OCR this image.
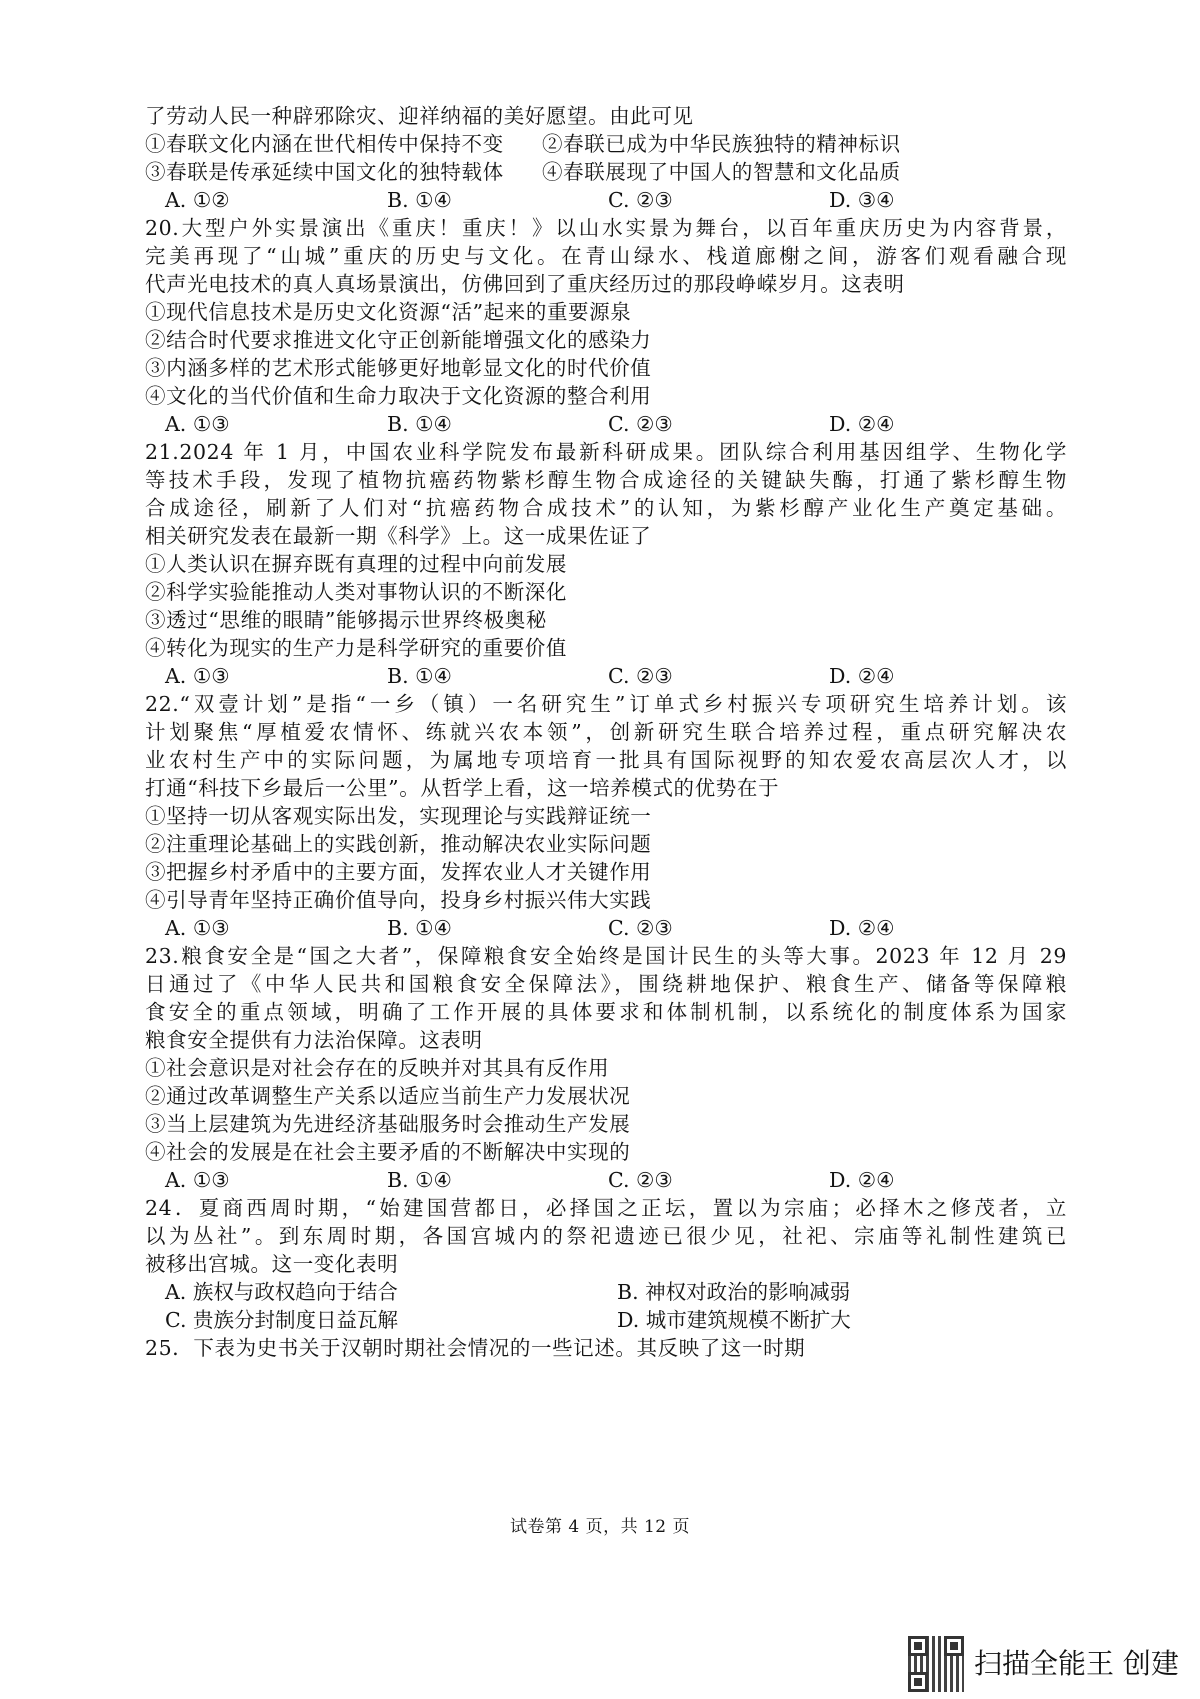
了劳动人民一种辟邪除灾、迎祥纳福的美好愿望。由此可见
①春联文化内涵在世代相传中保持不变 ②春联已成为中华民族独特的精神标识
③春联是传承延续中国文化的独特载体 ④春联展现了中国人的智慧和文化品质
A. ①②	B. ①④	C. ②③	D. ③④
20.大型户外实景演出《重庆！重庆！》以山水实景为舞台，以百年重庆历史为内容背景，
完美再现了“山城”重庆的历史与文化。在青山绿水、栈道廊榭之间，游客们观看融合现
代声光电技术的真人真场景演出，仿佛回到了重庆经历过的那段峥嵘岁月。这表明
①现代信息技术是历史文化资源“活”起来的重要源泉
②结合时代要求推进文化守正创新能增强文化的感染力
③内涵多样的艺术形式能够更好地彰显文化的时代价值
④文化的当代价值和生命力取决于文化资源的整合利用
A. ①③	B. ①④	C. ②③	D. ②④
21.2024 年 1 月，中国农业科学院发布最新科研成果。团队综合利用基因组学、生物化学
等技术手段，发现了植物抗癌药物紫杉醇生物合成途径的关键缺失酶，打通了紫杉醇生物
合成途径，刷新了人们对“抗癌药物合成技术”的认知，为紫杉醇产业化生产奠定基础。
相关研究发表在最新一期《科学》上。这一成果佐证了
①人类认识在摒弃既有真理的过程中向前发展
②科学实验能推动人类对事物认识的不断深化
③透过“思维的眼睛”能够揭示世界终极奥秘
④转化为现实的生产力是科学研究的重要价值
A. ①③	B. ①④	C. ②③	D. ②④
22.“双壹计划”是指“一乡（镇）一名研究生”订单式乡村振兴专项研究生培养计划。该
计划聚焦“厚植爱农情怀、练就兴农本领”，创新研究生联合培养过程，重点研究解决农
业农村生产中的实际问题，为属地专项培育一批具有国际视野的知农爱农高层次人才，以
打通“科技下乡最后一公里”。从哲学上看，这一培养模式的优势在于
①坚持一切从客观实际出发，实现理论与实践辩证统一
②注重理论基础上的实践创新，推动解决农业实际问题
③把握乡村矛盾中的主要方面，发挥农业人才关键作用
④引导青年坚持正确价值导向，投身乡村振兴伟大实践
A. ①③	B. ①④	C. ②③	D. ②④
23.粮食安全是“国之大者”，保障粮食安全始终是国计民生的头等大事。2023 年 12 月 29
日通过了《中华人民共和国粮食安全保障法》，围绕耕地保护、粮食生产、储备等保障粮
食安全的重点领域，明确了工作开展的具体要求和体制机制，以系统化的制度体系为国家
粮食安全提供有力法治保障。这表明
①社会意识是对社会存在的反映并对其具有反作用
②通过改革调整生产关系以适应当前生产力发展状况
③当上层建筑为先进经济基础服务时会推动生产发展
④社会的发展是在社会主要矛盾的不断解决中实现的
A. ①③	B. ①④	C. ②③	D. ②④
24．夏商西周时期，“始建国营都日，必择国之正坛，置以为宗庙；必择木之修茂者，立
以为丛社”。到东周时期，各国宫城内的祭祀遗迹已很少见，社祀、宗庙等礼制性建筑已
被移出宫城。这一变化表明
A. 族权与政权趋向于结合	B. 神权对政治的影响减弱
C. 贵族分封制度日益瓦解	D. 城市建筑规模不断扩大
25．下表为史书关于汉朝时期社会情况的一些记述。其反映了这一时期
试卷第 4 页，共 12 页
扫描全能王 创建
